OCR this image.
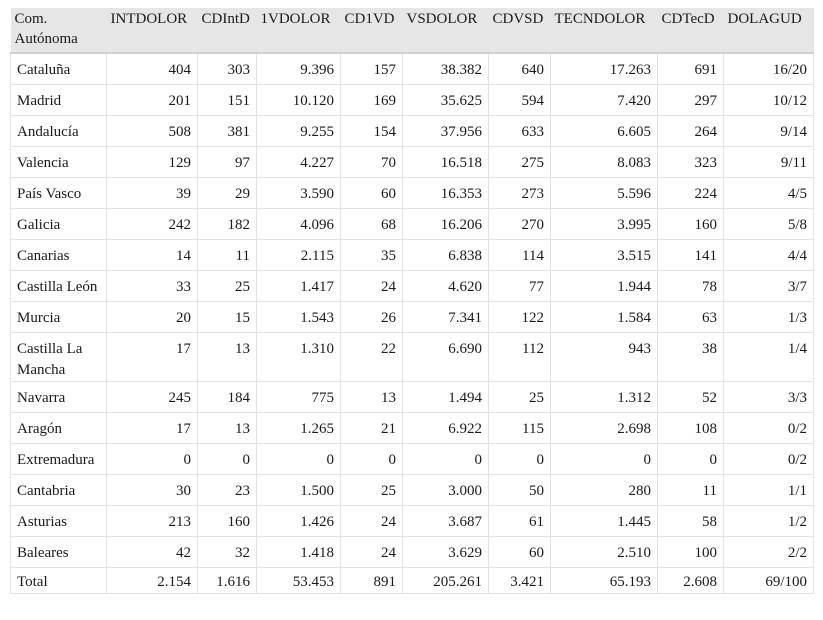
Com. Autónoma	INTDOLOR	CDIntD	1VDOLOR	CD1VD	VSDOLOR	CDVSD	TECNDOLOR	CDTecD	DOLAGUD
Cataluña	404	303	9.396	157	38.382	640	17.263	691	16/20
Madrid	201	151	10.120	169	35.625	594	7.420	297	10/12
Andalucía	508	381	9.255	154	37.956	633	6.605	264	9/14
Valencia	129	97	4.227	70	16.518	275	8.083	323	9/11
País Vasco	39	29	3.590	60	16.353	273	5.596	224	4/5
Galicia	242	182	4.096	68	16.206	270	3.995	160	5/8
Canarias	14	11	2.115	35	6.838	114	3.515	141	4/4
Castilla León	33	25	1.417	24	4.620	77	1.944	78	3/7
Murcia	20	15	1.543	26	7.341	122	1.584	63	1/3
Castilla La Mancha	17	13	1.310	22	6.690	112	943	38	1/4
Navarra	245	184	775	13	1.494	25	1.312	52	3/3
Aragón	17	13	1.265	21	6.922	115	2.698	108	0/2
Extremadura	0	0	0	0	0	0	0	0	0/2
Cantabria	30	23	1.500	25	3.000	50	280	11	1/1
Asturias	213	160	1.426	24	3.687	61	1.445	58	1/2
Baleares	42	32	1.418	24	3.629	60	2.510	100	2/2
Total	2.154	1.616	53.453	891	205.261	3.421	65.193	2.608	69/100
